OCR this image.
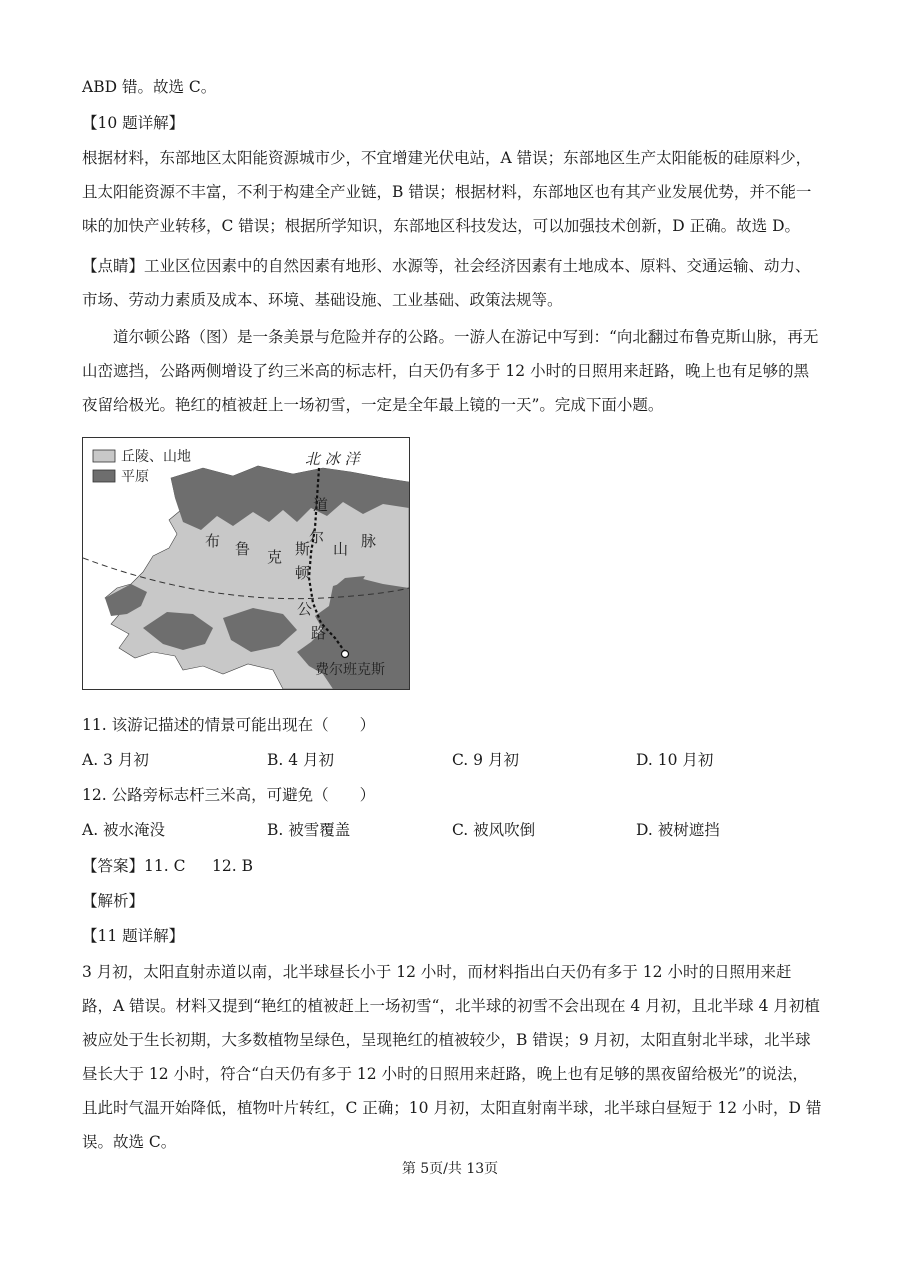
ABD 错。故选 C。

【10 题详解】

根据材料，东部地区太阳能资源城市少，不宜增建光伏电站，A 错误；东部地区生产太阳能板的硅原料少，且太阳能资源不丰富，不利于构建全产业链，B 错误；根据材料，东部地区也有其产业发展优势，并不能一味的加快产业转移，C 错误；根据所学知识，东部地区科技发达，可以加强技术创新，D 正确。故选 D。

【点睛】工业区位因素中的自然因素有地形、水源等，社会经济因素有土地成本、原料、交通运输、动力、市场、劳动力素质及成本、环境、基础设施、工业基础、政策法规等。

道尔顿公路（图）是一条美景与危险并存的公路。一游人在游记中写到：“向北翻过布鲁克斯山脉，再无山峦遮挡，公路两侧增设了约三米高的标志杆，白天仍有多于 12 小时的日照用来赶路，晚上也有足够的黑夜留给极光。艳红的植被赶上一场初雪，一定是全年最上镜的一天”。完成下面小题。

丘陵、山地
平原
北 冰 洋
布 鲁 克 斯 山 脉
道
尔
顿
公
路
费尔班克斯

11. 该游记描述的情景可能出现在（　　）

A. 3 月初	B. 4 月初	C. 9 月初	D. 10 月初

12. 公路旁标志杆三米高，可避免（　　）

A. 被水淹没	B. 被雪覆盖	C. 被风吹倒	D. 被树遮挡
【答案】11. C 12. B

【解析】

【11 题详解】

3 月初，太阳直射赤道以南，北半球昼长小于 12 小时，而材料指出白天仍有多于 12 小时的日照用来赶路，A 错误。材料又提到“艳红的植被赶上一场初雪“，北半球的初雪不会出现在 4 月初，且北半球 4 月初植被应处于生长初期，大多数植物呈绿色，呈现艳红的植被较少，B 错误；9 月初，太阳直射北半球，北半球昼长大于 12 小时，符合“白天仍有多于 12 小时的日照用来赶路，晚上也有足够的黑夜留给极光”的说法，且此时气温开始降低，植物叶片转红，C 正确；10 月初，太阳直射南半球，北半球白昼短于 12 小时，D 错误。故选 C。

第 5页/共 13页
